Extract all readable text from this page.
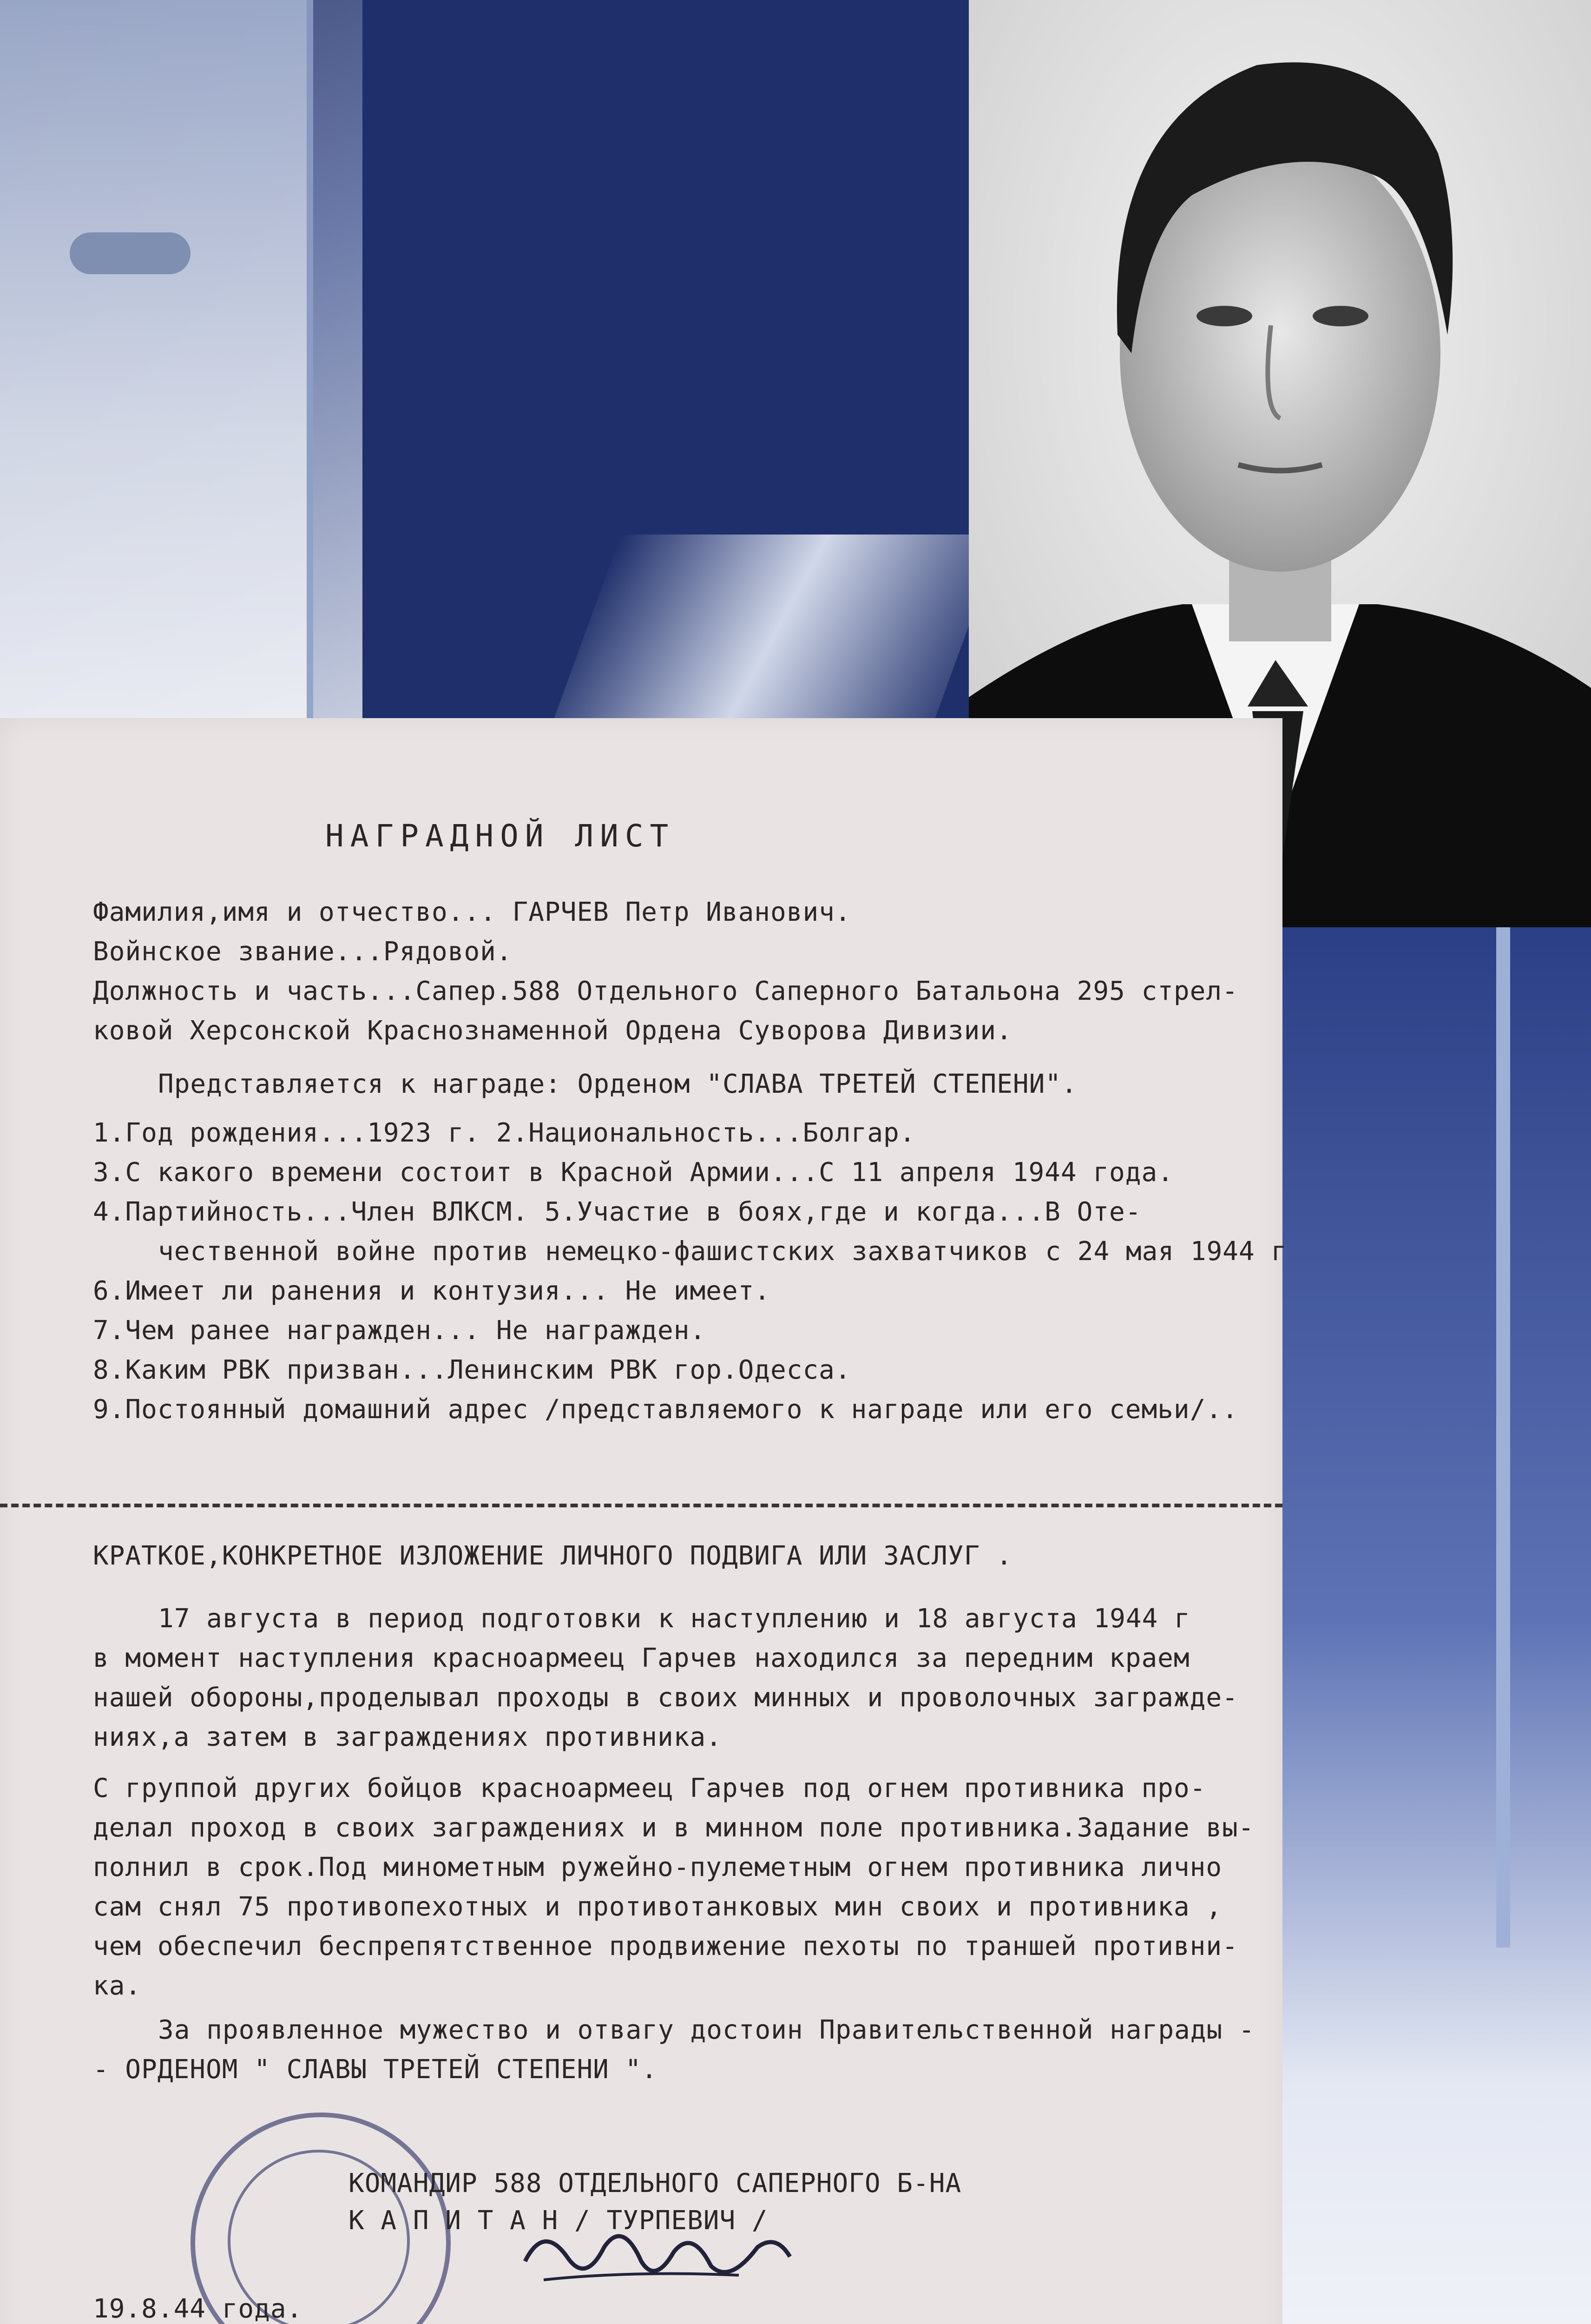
НАГРАДНОЙ ЛИСТ
Фамилия,имя и отчество... ГАРЧЕВ Петр Иванович.
Войнское звание...Рядовой.
Должность и часть...Сапер.588 Отдельного Саперного Батальона 295 стрел-
ковой Херсонской Краснознаменной Ордена Суворова Дивизии.
Представляется к награде: Орденом "СЛАВА ТРЕТЕЙ СТЕПЕНИ".
1.Год рождения...1923 г. 2.Национальность...Болгар.
3.С какого времени состоит в Красной Армии...С 11 апреля 1944 года.
4.Партийность...Член ВЛКСМ. 5.Участие в боях,где и когда...В Оте-
чественной войне против немецко-фашистских захватчиков с 24 мая 1944 г
6.Имеет ли ранения и контузия... Не имеет.
7.Чем ранее награжден... Не награжден.
8.Каким РВК призван...Ленинским РВК гор.Одесса.
9.Постоянный домашний адрес /представляемого к награде или его семьи/..
КРАТКОЕ,КОНКРЕТНОЕ ИЗЛОЖЕНИЕ ЛИЧНОГО ПОДВИГА ИЛИ ЗАСЛУГ .
17 августа в период подготовки к наступлению и 18 августа 1944 г
в момент наступления красноармеец Гарчев находился за передним краем
нашей обороны,проделывал проходы в своих минных и проволочных загражде-
ниях,а затем в заграждениях противника.
С группой других бойцов красноармеец Гарчев под огнем противника про-
делал проход в своих заграждениях и в минном поле противника.Задание вы-
полнил в срок.Под минометным ружейно-пулеметным огнем противника лично
сам снял 75 противопехотных и противотанковых мин своих и противника ,
чем обеспечил беспрепятственное продвижение пехоты по траншей противни-
ка.
За проявленное мужество и отвагу достоин Правительственной награды -
- ОРДЕНОМ " СЛАВЫ ТРЕТЕЙ СТЕПЕНИ ".
КОМАНДИР 588 ОТДЕЛЬНОГО САПЕРНОГО Б-НА
К А П И Т А Н / ТУРПЕВИЧ /
19.8.44 года.
